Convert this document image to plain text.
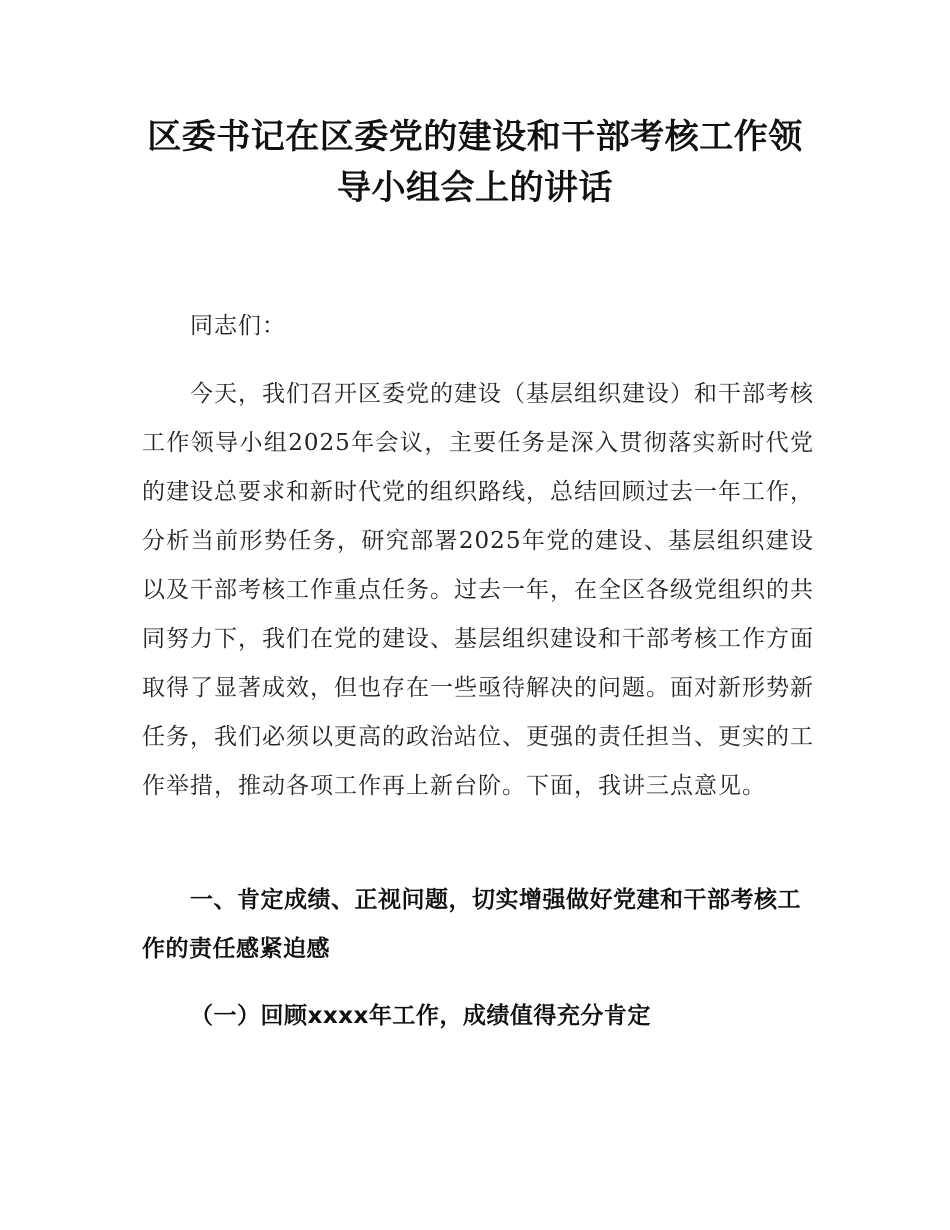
区委书记在区委党的建设和干部考核工作领
导小组会上的讲话
同志们：
今天，我们召开区委党的建设（基层组织建设）和干部考核工作领导小组2025年会议，主要任务是深入贯彻落实新时代党的建设总要求和新时代党的组织路线，总结回顾过去一年工作，分析当前形势任务，研究部署2025年党的建设、基层组织建设以及干部考核工作重点任务。过去一年，在全区各级党组织的共同努力下，我们在党的建设、基层组织建设和干部考核工作方面取得了显著成效，但也存在一些亟待解决的问题。面对新形势新任务，我们必须以更高的政治站位、更强的责任担当、更实的工作举措，推动各项工作再上新台阶。下面，我讲三点意见。
一、肯定成绩、正视问题，切实增强做好党建和干部考核工作的责任感紧迫感
（一）回顾xxxx年工作，成绩值得充分肯定
